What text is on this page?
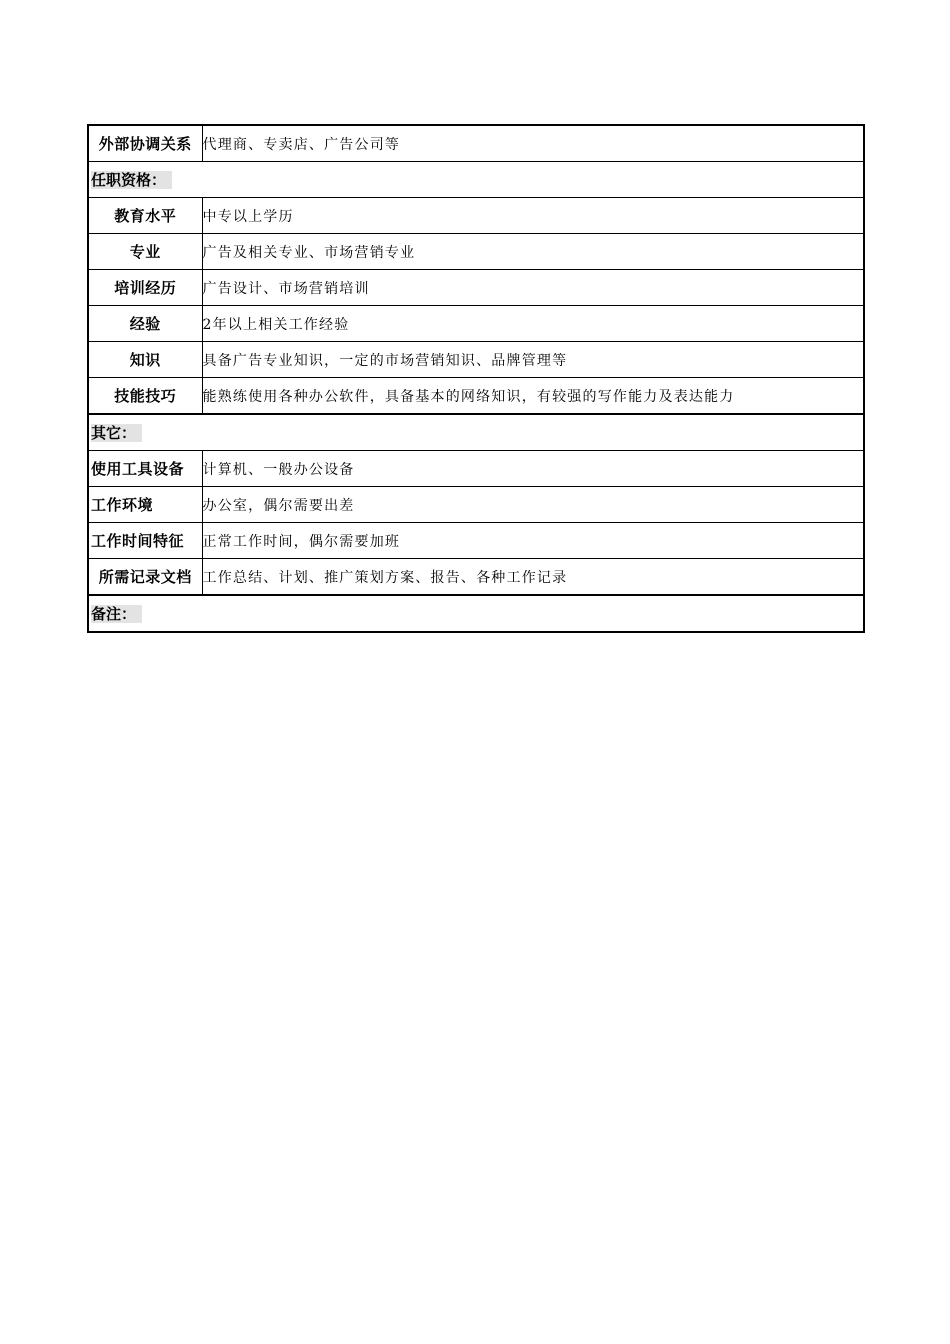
外部协调关系	代理商、专卖店、广告公司等
任职资格：	
教育水平	中专以上学历
专业	广告及相关专业、市场营销专业
培训经历	广告设计、市场营销培训
经验	2年以上相关工作经验
知识	具备广告专业知识，一定的市场营销知识、品牌管理等
技能技巧	能熟练使用各种办公软件，具备基本的网络知识，有较强的写作能力及表达能力
其它：	
使用工具设备	计算机、一般办公设备
工作环境	办公室，偶尔需要出差
工作时间特征	正常工作时间，偶尔需要加班
所需记录文档	工作总结、计划、推广策划方案、报告、各种工作记录
备注：	
